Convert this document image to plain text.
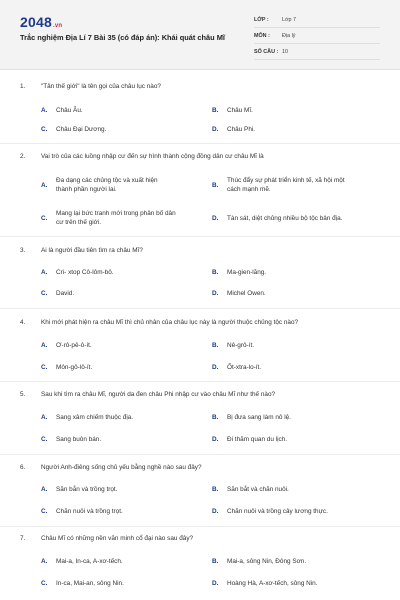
2048.vn
Trắc nghiệm Địa Lí 7 Bài 35 (có đáp án): Khái quát châu Mĩ
LỚP :	Lớp 7
MÔN :	Địa lý
SỐ CÂU : 10
1.	"Tân thế giới" là tên gọi của châu lục nào?
A.	Châu Âu.	B.	Châu Mĩ.
C.	Châu Đại Dương.	D.	Châu Phi.
2.	Vai trò của các luồng nhập cư đến sự hình thành cộng đồng dân cư châu Mĩ là
A.
Đa dạng các chủng tộc và xuất hiện thành phần người lai.
B.
Thúc đẩy sự phát triển kinh tế, xã hội một cách mạnh mẽ.
C.
Mang lại bức tranh mới trong phân bố dân cư trên thế giới.
D.	Tàn sát, diệt chủng nhiều bộ tộc bản địa.
3.	Ai là người đầu tiên tìm ra châu Mĩ?
A.	Cri- xtop Cô-lôm-bô.	B.	Ma-gien-lăng.
C.	David.	D.	Michel Owen.
4.	Khi mới phát hiện ra châu Mĩ thì chủ nhân của châu lục này là người thuộc chủng tộc nào?
A.	Ơ-rô-pê-ô-ít.	B.	Nê-grô-ít.
C.	Môn-gô-lô-ít.	D.	Ốt-xtra-lo-ít.
5.	Sau khi tìm ra châu Mĩ, người da đen châu Phi nhập cư vào châu Mĩ như thế nào?
A.	Sang xâm chiếm thuộc địa.	B.	Bị đưa sang làm nô lệ.
C.	Sang buôn bán.	D.	Đi thăm quan du lịch.
6.	Người Anh-điêng sống chủ yếu bằng nghề nào sau đây?
A.	Săn bắn và trồng trọt.	B.	Săn bắt và chăn nuôi.
C.	Chăn nuôi và trồng trọt.	D.	Chăn nuôi và trồng cây lương thực.
7.	Châu Mĩ có những nền văn minh cổ đại nào sau đây?
A.	Mai-a, In-ca, A-xơ-tếch.	B.	Mai-a, sông Nin, Đông Sơn.
C.	In-ca, Mai-an, sông Nin.	D.	Hoàng Hà, A-xơ-tếch, sông Nin.
